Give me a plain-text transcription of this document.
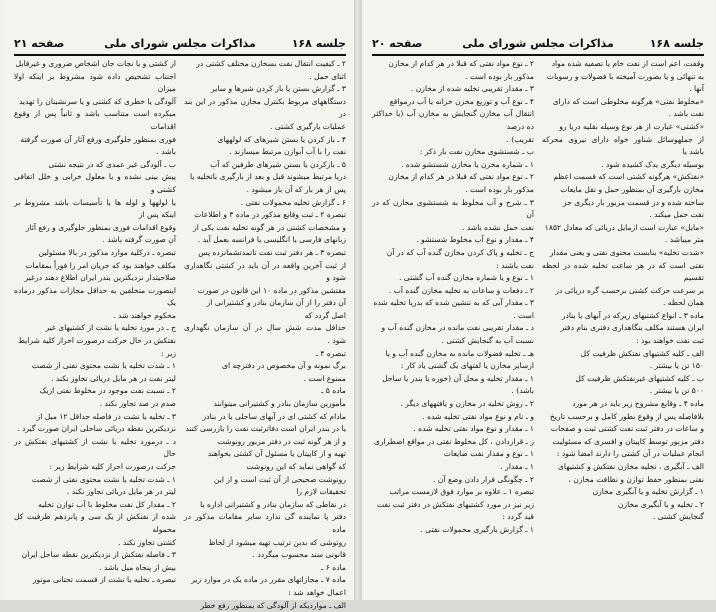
صفحه ۲۱	مذاکرات مجلس شورای ملی	جلسه ۱۶۸

۲ ـ کیفیت انتقال نفت بسخازن مختلف کشتی در

اثنای حمل .

۳ ـ گزارش بستن یا باز کردن شیرها و سایر

دستگاههای مربوط بکنترل مخازن مذکور در این بند در

عملیات بارگیری کشتی .

۴ ـ باز کردن یا بستن شیرهای که لولههای

نفت را با آب آبوازن مرتبط میسازند .

۵ ـ بازکردن یا بستن شیرهای طرفین که آب

دریا مرتبط میشوند قبل و بعد از بارگیری باتخلیه یا

پس از هر بار که آن باز میشود .

۶ ـ گزارش تخلیه محمولات نفتی .

تبصره ۲ ـ ثبت وقایع مذکور در ماده ۳ و اطلاعات

و مشخصات کشتی در هر گونه تخلیه نفت یکی از

زبانهای فارسی یا انگلیسی یا فرانسه بعمل آید .

تبصره ۳ ـ هر دفتر ثبت نفت تاتمدتشمانزده پس

از ثبت آخرین واقعه در آن باید در کشتی نگاهداری شود و

مفتشین مذکور در ماده ۱۰ این قانون در صورت

آن دفتر را از آن سازمان بنادر و کشتیرانی از

اصل گردد که

حداقل مدت شش سال در آن سازمان نگهداری شود .

تبصره ۴ ـ

برگ نمونه و آن مخصوص در دفترچه ای

ممنوع است .

ماده ۵ ـ

مأمورین سازمان بنادر و کشتیرانی میتوانند

مادام که کشتی ای در آبهای ساحلی یا در بنادر

یا در بندر ایران است دفاترثبت نفت را بازرسی کنند

و از هر گونه ثبت در دفتر مزبور رونوشت

تهیه و از کاپیتان یا مسئول آن کشتی بخواهند

که گواهی نماید که این رونوشت

رونوشت صحیحی از آن ثبت است و از این

تحقیقات لازم را

در نقاطی که سازمان بنادر و کشتیرانی اداره یا

دفتر پا نماینده گی ندارد سایر مقامات مذکور در ماده

روتوشی که بدین ترتیب تهیه میشود از لحاظ

قانونی سند محسوب میگردد .

ماده ۶ ـ

ماده ۷ ـ مجازاتهای مقرر در ماده یک در موارد زیر

اعمال خواهد شد :

الف ـ مواردیکه از آلودگی که بمنظور رفع خطر

از کشتی و یا نجات جان اشخاص ضروری و غیرقابل

اجتناب تشخیص داده شود مشروط بر اینکه اولا میزان

آلودگی یا خطری که کشتی و یا سرنشینان را تهدید

میکرده است متناسب باشد و ثانیاً پس از وقوع اقدامات

فوری بمنظور جلوگیری ورفع آثار آن صورت گرفته

باشد .

ب ـ آلودگی غیر عمدی که در نتیجه نشتی

پیش بینی نشده و یا معلول خرابی و خلل اتفاقی کشتی و

یا لولهها و لوله ها یا تأسیسات باشد مشروط بر اینکه پس از

وقوع اقدامات فوری بمنظور جلوگیری و رفع آثار

آن صورت گرفته باشد .

تبصره ـ درکلیه موارد مذکور در بالا مسئولین

مکلف خواهند بود که جریان امر را فوراً بمقامات

صلاحیتدار نزدیکترین بندر ایران اطلاع دهند درغیر

اینصورت متخلفین به حداقل مجازات مذکور درماده یک

محکوم خواهند شد .

ج ـ در مورد تخلیه یا نشت از کشتیهای غیر

نفتکش در حال حرکت درصورت احراز کلیه شرایط

زیر :

۱ ـ شدت تخلیه یا نشت محتوی نفتی از شصت

لیتر نفت در هر مایل دریائی تجاوز نکند .

۲ ـ نسبت نفت موجود در مخلوط نفتی ازیک

صدم در صد تجاوز نکند .

۳ ـ تخلیه یا نشت در فاصله حداقل ۱۲ میل از

نزدیکترین نقطه دریائی ساحلی ایران صورت گیرد .

د ـ درمورد تخلیه یا نشت از کشتیهای نفتکش در حال

حرکت درصورت احراز کلیه شرایط زیر :

۱ ـ شدت تخلیه یا نشت محتوی نفتی از شصت

لیتر در هر مایل دریائی تجاوز نکند .

۲ ـ مقدار کل نفت مخلوط با آب توازن تخلیه

شده از نفتکش از یک سی و پانزدهم ظرفیت کل محموله

کشتی تجاوز نکند .

۳ ـ فاصله نفتکش از نزدیکترین نقطه ساحل ایران

بیش از پنجاه میل باشد .

تبصره ـ تخلیه یا نشت از قسمت تحتانی موتور

صفحه ۲۰	مذاکرات مجلس شورای ملی	جلسه ۱۶۸

وقفت، اعم است از نفت خام یا تصفیه شده مواد

به تنهائی و یا بصورت آمیخته با فضولات و رسوبات

آنها .

«مخلوط نفتی» هرگونه مخلوطی است که دارای

نفت باشد .

«کشتی» عبارت از هر نوع وسیله نقلیه دریا رو

از جملهوسائل شناور خواه دارای نیروی محرکه باشد یا

بوسیله دیگری یدک کشیده شود .

«نفتکش» هرگونه کشتی است که قسمت اعظم

مخازن بارگیری آن بمنظور حمل و نقل مایعات

ساخته شده و در قسمت مزبور بار دیگری جز

نفت حمل میکند .

«مایل» عبارت است ازمایل دریائی که معادل ۱۸۵۲

متر میباشد .

«شدت تخلیه» بنابست محتوی نفتی و یعنی مقدار

نفتی است که در هر ساعت تخلیه شده در لحظه تقسیم

بر سرعت حرکت کشتی برحسب گره دریائی در

همان لحظه .

ماده ۳ ـ انواع کشتیهای زیرکه در آبهای یا بنادر

ایران هستند مکلف بنگاهداری دفتری بنام دفتر

ثبت نفت خواهند بود :

الف ـ کلیه کشتیهای نفتکش ظرفیت کل

۱۵۰ تن یا بیشتر .

ب ـ کلیه کشتیهای غیرنفتکش ظرفیت کل

۵۰۰ تن یا بیشتر .

ماده ۴ ـ وقایع مشروح زیر باید در هر مورد

بلافاصله پس از وقوع بطور کامل و برحسب تاریخ

و ساعات در دفتر ثبت نفت کشتی ثبت و صفحات

دفتر مزبور توسط کاپیتان و افسری که مسئولیت

انجام عملیات در آن کشتی را دارند امضا شود :

الف ـ آبگیری ، تخلیه مخازن نفتکش و کشتیهای

نفتی بمنظور حفظ توازن و نظافت مخازن ،

۱ ـ گزارش تخلیه و یا آبگیری مخازن

۲ ـ تخلیه و یا آبگیری مخازن

گنجایش کشتی .

۲ ـ نوع مواد نفتی که قبلا در هر کدام از مخازن

مذکور بار بوده است .

۳ ـ مقدار تقریبی تخلیه شده از مخازن .

۴ ـ نوع آب و توزیع مخزن خزانه یا آب درمواقع

انتقال آب مخازن گنجایش به مخازن آب (با حداکثر ده درصد

تقریب) .

ب ـ شستشوی مخازن نفت بار ذکر :

۱ ـ شماره مخزن یا مخازن شستشو شده .

۲ ـ نوع مواد نفتی که قبلا در هر کدام از مخازن

مذکور بار بوده است .

۳ ـ شرح و آب مخلوط به شستشوی مخازن که در آن

نفت حمل نشده باشد .

۴ ـ مقدار و نوع آب مخلوط شستشو .

ج ـ تخلیه و پاک کردن مخازن گنده آب که در آن

نفت باشند :

۱ ـ نوع و یا شماره مخازن گنده آب گشتی .

۲ ـ دفعات و ساعات به تخلیه مخازن گنده آب .

۳ ـ مقدار آبی که به تنشین شده که بدریا تخلیه شده

است .

د ـ مقدار تقریبی نفت مانده در مخازن گنده آب و

نسبت آب به گنجایش کشتی .

هـ ـ تخلیه فضولات مانده به مخازن گنده آب و یا

ازسایر مخازن یا لفتهای یک گشتی یاد کار :

۱ ـ مقدار تخلیه و محل آن (خوره یا بندر یا ساحل

باشد) .

۲ ـ روش تخلیه در مخازن و یافتههای دیگر .

و ـ نام و نوع مواد نفتی تخلیه شده .

۱ ـ مقدار و نوع مواد نفتی تخلیه شده .

ز ـ قراردادن ، کل مخلوط نفتی در مواقع اضطراری

۱ ـ نوع و مقدار نفت ضایعات

۱ ـ مقدار .

۲ ـ چگونگی قرار دادن وضع آن .

تبصره ۱ ـ علاوه بر موارد فوق لازمست مراتب

زیر نیز در مورد کشتیهای نفتکش در دفتر ثبت نفت

قید گردد :

۱ ـ گزارش بارگیری محمولات نفتی .
